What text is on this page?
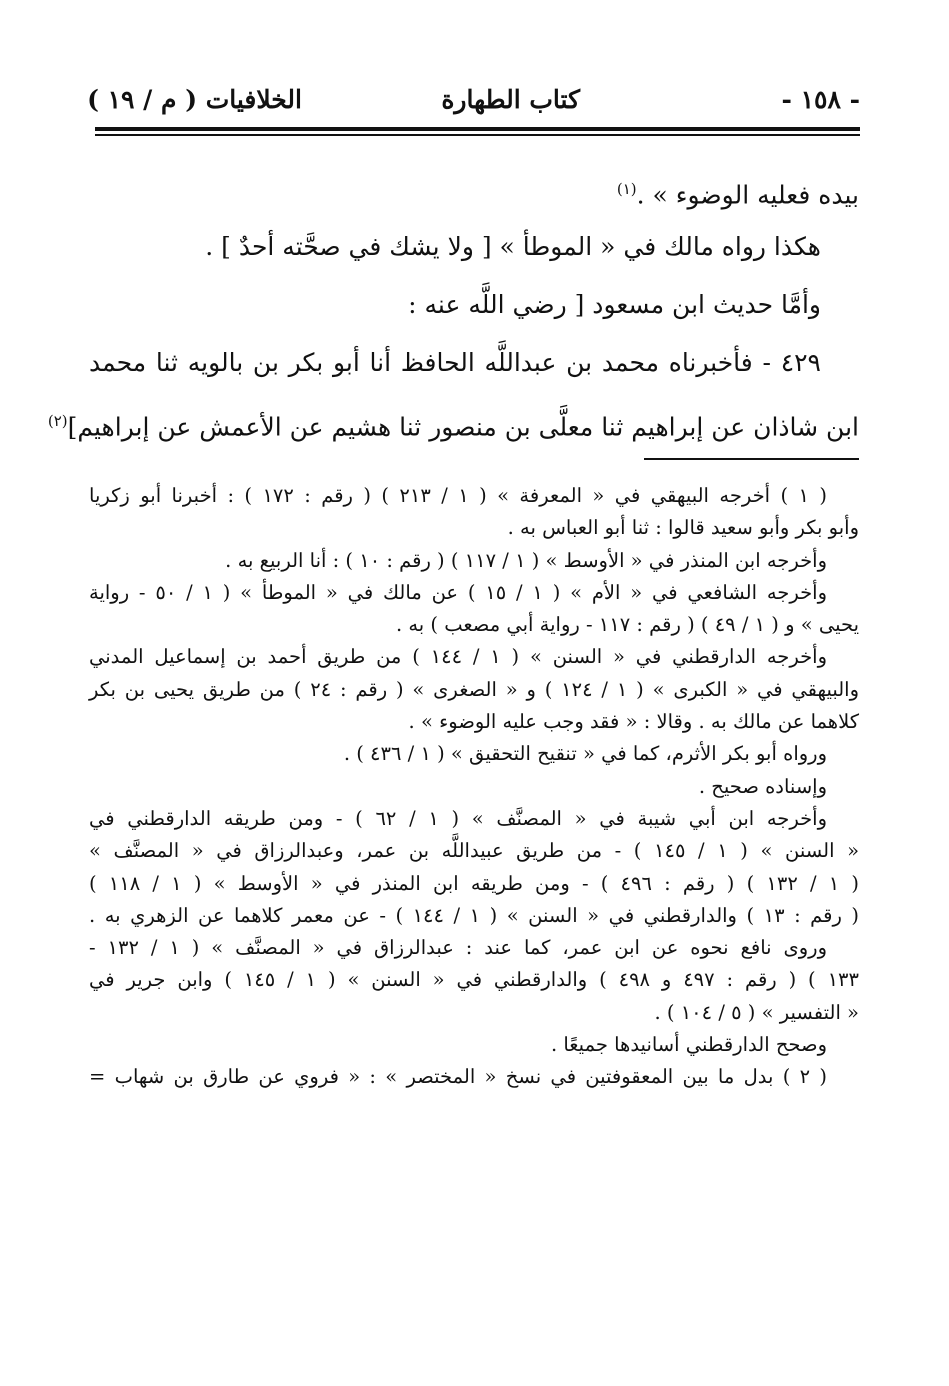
- ١٥٨ -
كتاب الطهارة
الخلافيات ( م / ١٩ )
بيده فعليه الوضوء » .$^{(١)}$
هكذا رواه مالك في « الموطأ » [ ولا يشك في صحَّته أحدٌ ] .
وأمَّا حديث ابن مسعود [ رضي اللَّه عنه :
٤٢٩ - فأخبرناه محمد بن عبداللَّه الحافظ أنا أبو بكر بن بالويه ثنا محمد
ابن شاذان عن إبراهيم ثنا معلَّى بن منصور ثنا هشيم عن الأعمش عن إبراهيم]$^{(٢)}$
( ١ ) أخرجه البيهقي في « المعرفة » ( ١ / ٢١٣ ) ( رقم : ١٧٢ ) : أخبرنا أبو زكريا
وأبو بكر وأبو سعيد قالوا : ثنا أبو العباس به .
وأخرجه ابن المنذر في « الأوسط » ( ١ / ١١٧ ) ( رقم : ١٠ ) : أنا الربيع به .
وأخرجه الشافعي في « الأم » ( ١ / ١٥ ) عن مالك في « الموطأ » ( ١ / ٥٠ - رواية
يحيى » و ( ١ / ٤٩ ) ( رقم : ١١٧ - رواية أبي مصعب ) به .
وأخرجه الدارقطني في « السنن » ( ١ / ١٤٤ ) من طريق أحمد بن إسماعيل المدني
والبيهقي في « الكبرى » ( ١ / ١٢٤ ) و « الصغرى » ( رقم : ٢٤ ) من طريق يحيى بن بكر
كلاهما عن مالك به . وقالا : « فقد وجب عليه الوضوء » .
ورواه أبو بكر الأثرم، كما في « تنقيح التحقيق » ( ١ / ٤٣٦ ) .
وإسناده صحيح .
وأخرجه ابن أبي شيبة في « المصنَّف » ( ١ / ٦٢ ) - ومن طريقه الدارقطني في
« السنن » ( ١ / ١٤٥ ) - من طريق عبيداللَّه بن عمر، وعبدالرزاق في « المصنَّف »
( ١ / ١٣٢ ) ( رقم : ٤٩٦ ) - ومن طريقه ابن المنذر في « الأوسط » ( ١ / ١١٨ )
( رقم : ١٣ ) والدارقطني في « السنن » ( ١ / ١٤٤ ) - عن معمر كلاهما عن الزهري به .
وروى نافع نحوه عن ابن عمر، كما عند : عبدالرزاق في « المصنَّف » ( ١ / ١٣٢ -
١٣٣ ) ( رقم : ٤٩٧ و ٤٩٨ ) والدارقطني في « السنن » ( ١ / ١٤٥ ) وابن جرير في
« التفسير » ( ٥ / ١٠٤ ) .
وصحح الدارقطني أسانيدها جميعًا .
( ٢ ) بدل ما بين المعقوفتين في نسخ « المختصر » : « فروي عن طارق بن شهاب =
